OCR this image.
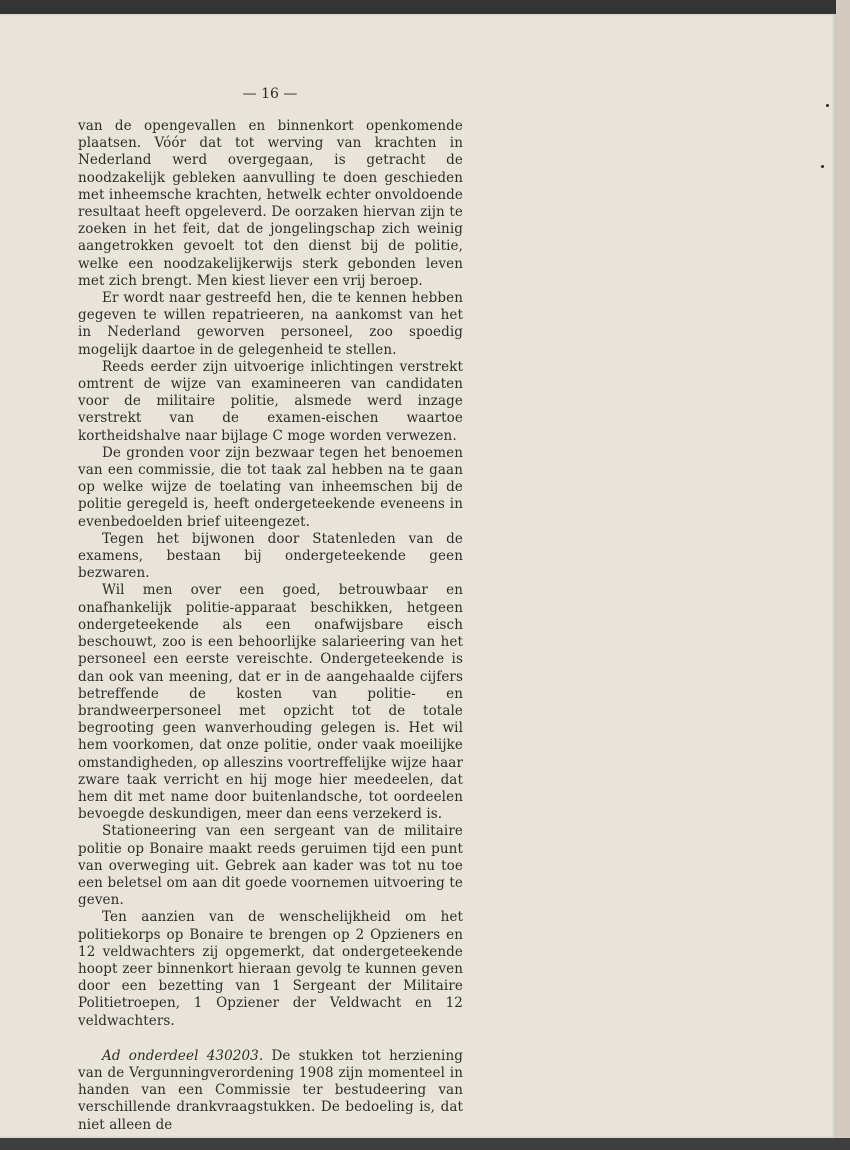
— 16 —

van de opengevallen en binnenkort openkomende plaatsen. Vóór dat tot werving van krachten in Nederland werd overgegaan, is getracht de noodzakelijk gebleken aanvulling te doen geschieden met inheemsche krachten, hetwelk echter onvoldoende resultaat heeft opgeleverd. De oorzaken hiervan zijn te zoeken in het feit, dat de jongelingschap zich weinig aangetrokken gevoelt tot den dienst bij de politie, welke een noodzakelijkerwijs sterk gebonden leven met zich brengt. Men kiest liever een vrij beroep.

Er wordt naar gestreefd hen, die te kennen hebben gegeven te willen repatrieeren, na aankomst van het in Nederland geworven personeel, zoo spoedig mogelijk daartoe in de gelegenheid te stellen.

Reeds eerder zijn uitvoerige inlichtingen verstrekt omtrent de wijze van examineeren van candidaten voor de militaire politie, alsmede werd inzage verstrekt van de examen-eischen waartoe kortheidshalve naar bijlage C moge worden verwezen.

De gronden voor zijn bezwaar tegen het benoemen van een commissie, die tot taak zal hebben na te gaan op welke wijze de toelating van inheemschen bij de politie geregeld is, heeft ondergeteekende eveneens in evenbedoelden brief uiteengezet.

Tegen het bijwonen door Statenleden van de examens, bestaan bij ondergeteekende geen bezwaren.

Wil men over een goed, betrouwbaar en onafhankelijk politie-apparaat beschikken, hetgeen ondergeteekende als een onafwijsbare eisch beschouwt, zoo is een behoorlijke salarieering van het personeel een eerste vereischte. Ondergeteekende is dan ook van meening, dat er in de aangehaalde cijfers betreffende de kosten van politie- en brandweerpersoneel met opzicht tot de totale begrooting geen wanverhouding gelegen is. Het wil hem voorkomen, dat onze politie, onder vaak moeilijke omstandigheden, op alleszins voortreffelijke wijze haar zware taak verricht en hij moge hier meedeelen, dat hem dit met name door buitenlandsche, tot oordeelen bevoegde deskundigen, meer dan eens verzekerd is.

Stationeering van een sergeant van de militaire politie op Bonaire maakt reeds geruimen tijd een punt van overweging uit. Gebrek aan kader was tot nu toe een beletsel om aan dit goede voornemen uitvoering te geven.

Ten aanzien van de wenschelijkheid om het politiekorps op Bonaire te brengen op 2 Opzieners en 12 veldwachters zij opgemerkt, dat ondergeteekende hoopt zeer binnenkort hieraan gevolg te kunnen geven door een bezetting van 1 Sergeant der Militaire Politietroepen, 1 Opziener der Veldwacht en 12 veldwachters.

Ad onderdeel 430203. De stukken tot herziening van de Vergunningverordening 1908 zijn momenteel in handen van een Commissie ter bestudeering van verschillende drankvraagstukken. De bedoeling is, dat niet alleen de
